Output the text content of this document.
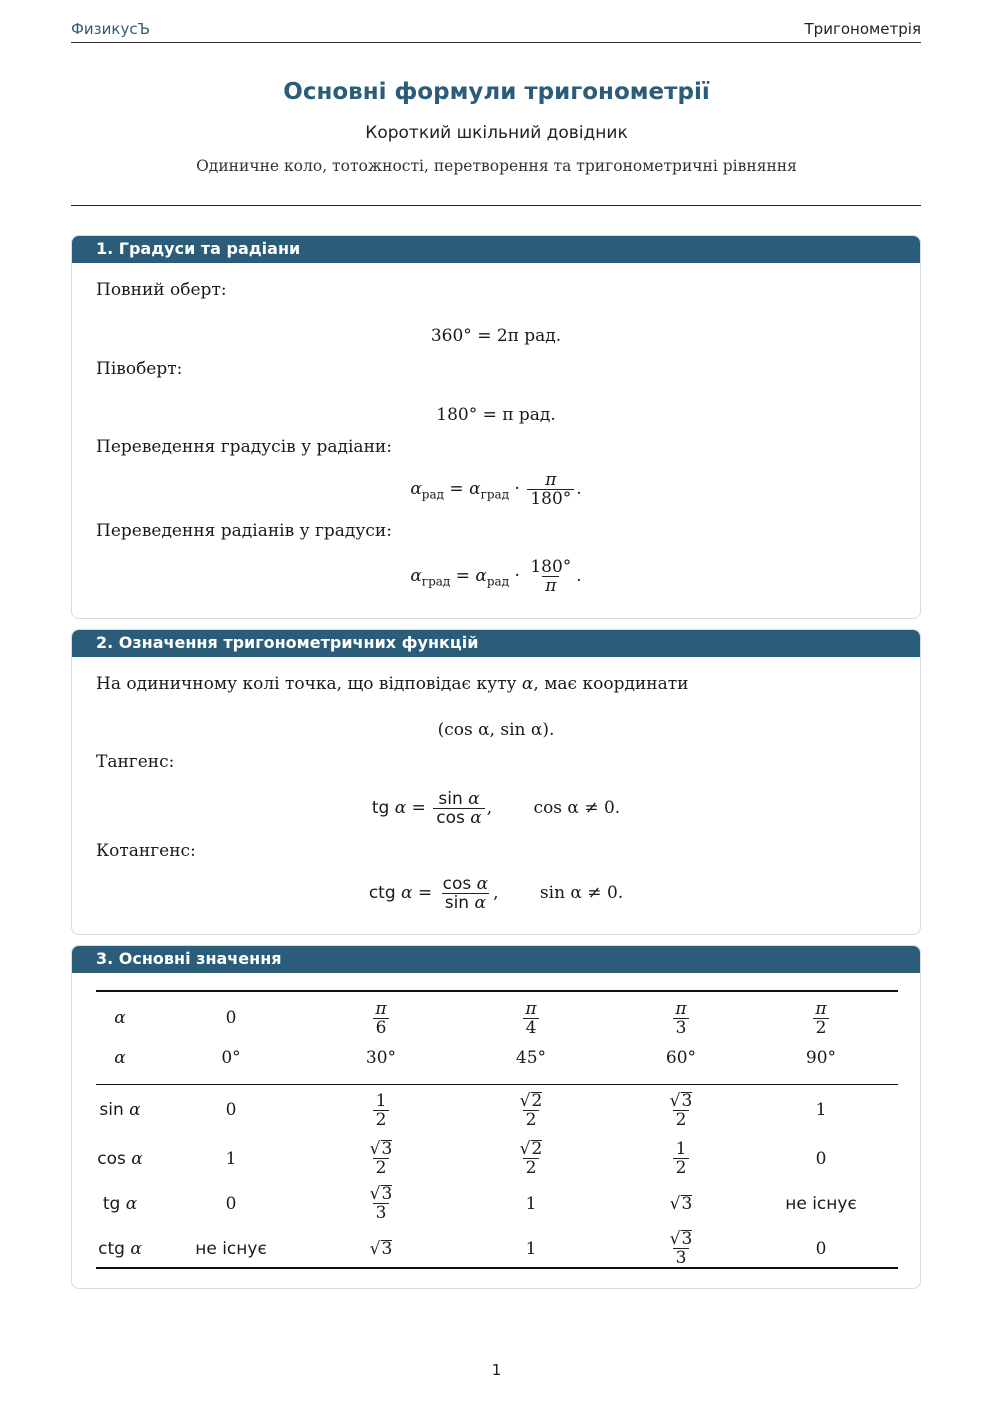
ФизикусЪ	Тригонометрія
Основні формули тригонометрії
Короткий шкільний довідник
Одиничне коло, тотожності, перетворення та тригонометричні рівняння
1. Градуси та радіани
Повний оберт:
360° = 2π рад.
Півоберт:
180° = π рад.
Переведення градусів у радіани:
$\alpha_{рад} = \alpha_{град} \cdot \frac{\pi}{180^\circ}$ .
Переведення радіанів у градуси:
$\alpha_{град} = \alpha_{рад} \cdot \frac{180^\circ}{\pi}$ .
2. Означення тригонометричних функцій
На одиничному колі точка, що відповідає куту α, має координати
(cos α, sin α).
Тангенс:
tg $\alpha = \frac{\text{sin α}}{\text{cos α}}$ , cos α ≠ 0.
Котангенс:
ctg $\alpha = \frac{\text{cos α}}{\text{sin α}}$ , sin α ≠ 0.
3. Основні значення
α	0	$\frac{\pi}{6}$	$\frac{\pi}{4}$	$\frac{\pi}{3}$	$\frac{\pi}{2}$

α	0°	30°	45°	60°	90°

sin α	0	$\frac{1}{2}$	$\frac{√ 2}{2}$	$\frac{√ 3}{2}$	1
cos α	1	$\frac{√ 3}{2}$	$\frac{√ 2}{2}$	$\frac{1}{2}$	0
tg α	0	$\frac{√ 3}{3}$	1	√ 3	не існує
ctg α	не існує	√ 3	1	$\frac{√ 3}{3}$	0
1
